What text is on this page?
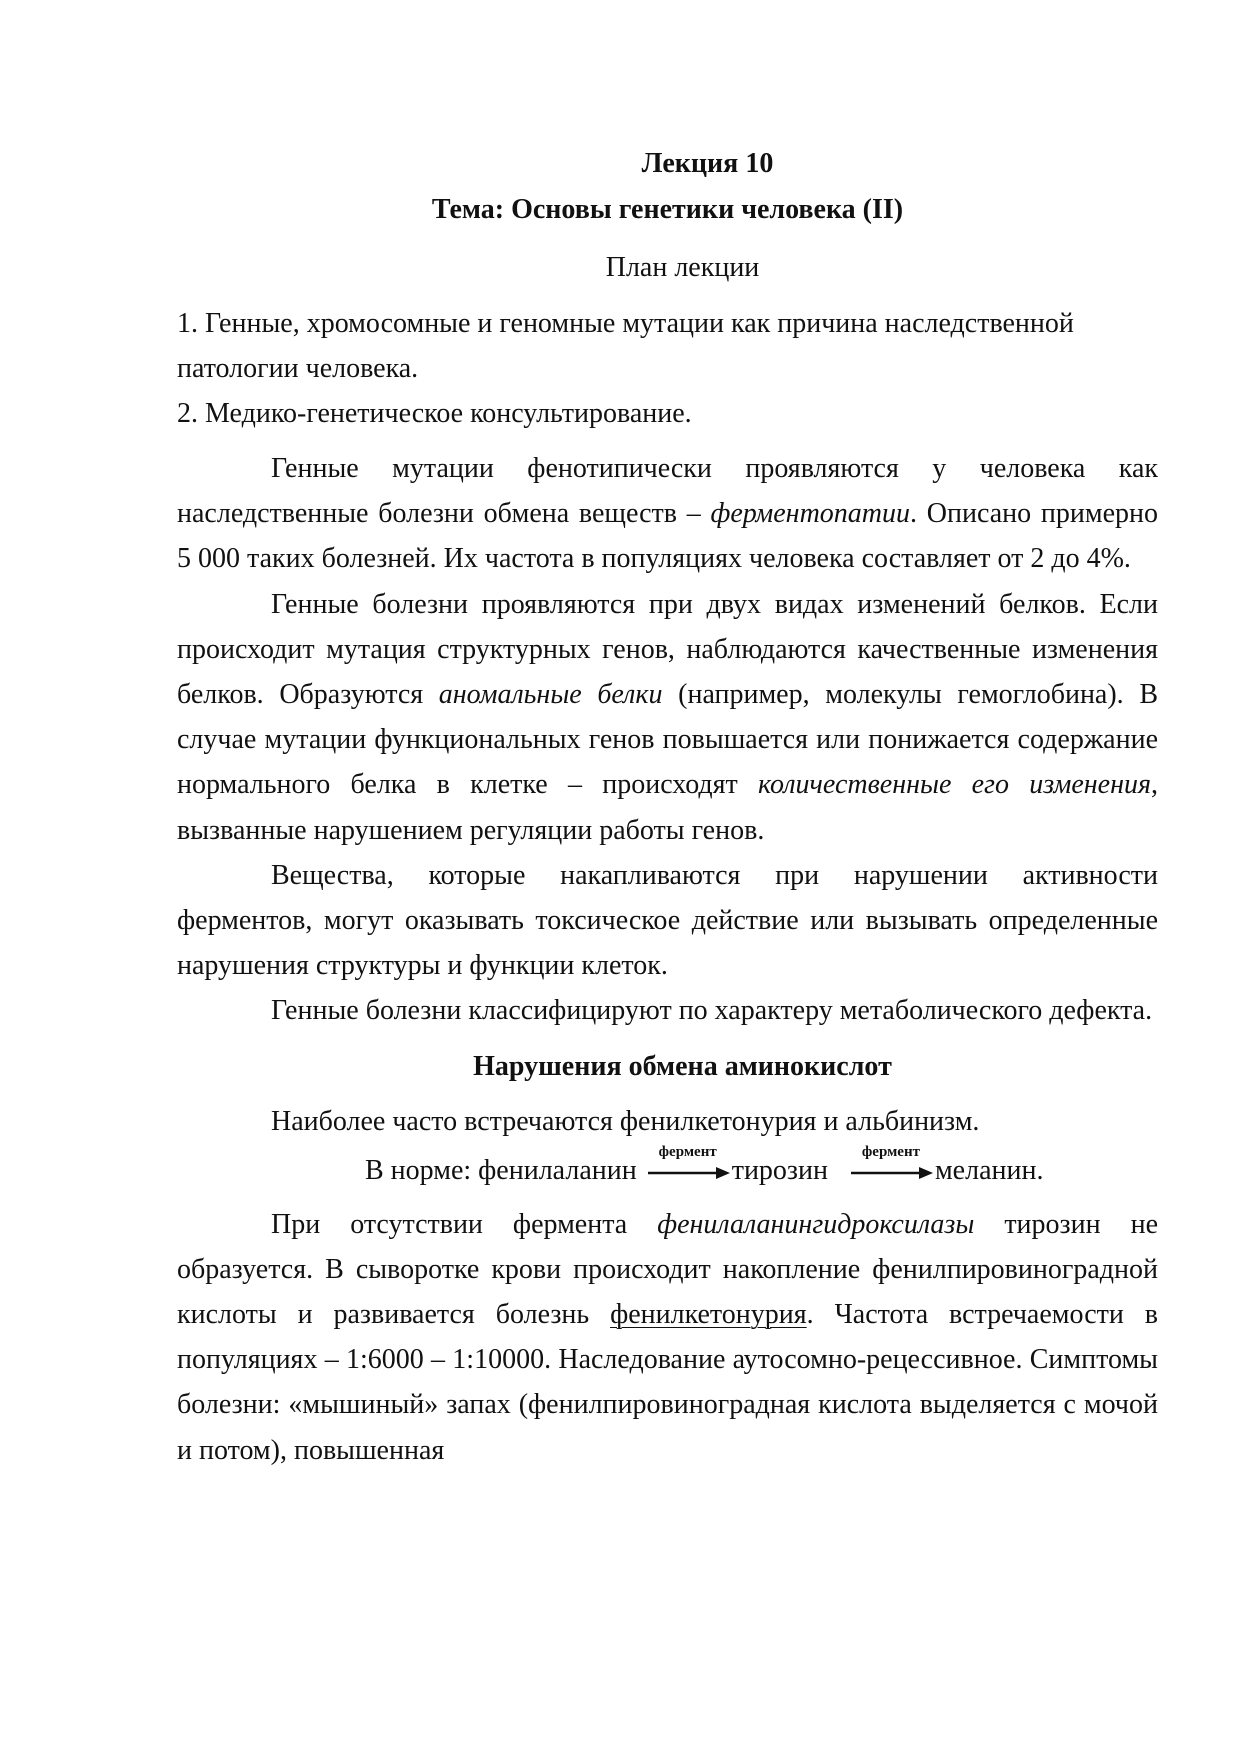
Лекция 10
Тема: Основы генетики человека (II)
План лекции
1. Генные, хромосомные и геномные мутации как причина наследственной патологии человека.
2. Медико-генетическое консультирование.

Генные мутации фенотипически проявляются у человека как наследственные болезни обмена веществ – ферментопатии. Описано примерно 5 000 таких болезней. Их частота в популяциях человека составляет от 2 до 4%.

Генные болезни проявляются при двух видах изменений белков. Если происходит мутация структурных генов, наблюдаются качественные изменения белков. Образуются аномальные белки (например, молекулы гемоглобина). В случае мутации функциональных генов повышается или понижается содержание нормального белка в клетке – происходят количественные его изменения, вызванные нарушением регуляции работы генов.

Вещества, которые накапливаются при нарушении активности ферментов, могут оказывать токсическое действие или вызывать определенные нарушения структуры и функции клеток.

Генные болезни классифицируют по характеру метаболического дефекта.

Нарушения обмена аминокислот
Наиболее часто встречаются фенилкетонурия и альбинизм.
В норме: фенилаланин
фермент
тирозин
фермент
меланин.

При отсутствии фермента фенилаланингидроксилазы тирозин не образуется. В сыворотке крови происходит накопление фенилпировиноградной кислоты и развивается болезнь фенилкетонурия. Частота встречаемости в популяциях – 1:6000 – 1:10000. Наследование аутосомно-рецессивное. Симптомы болезни: «мышиный» запах (фенилпировиноградная кислота выделяется с мочой и потом), повышенная
